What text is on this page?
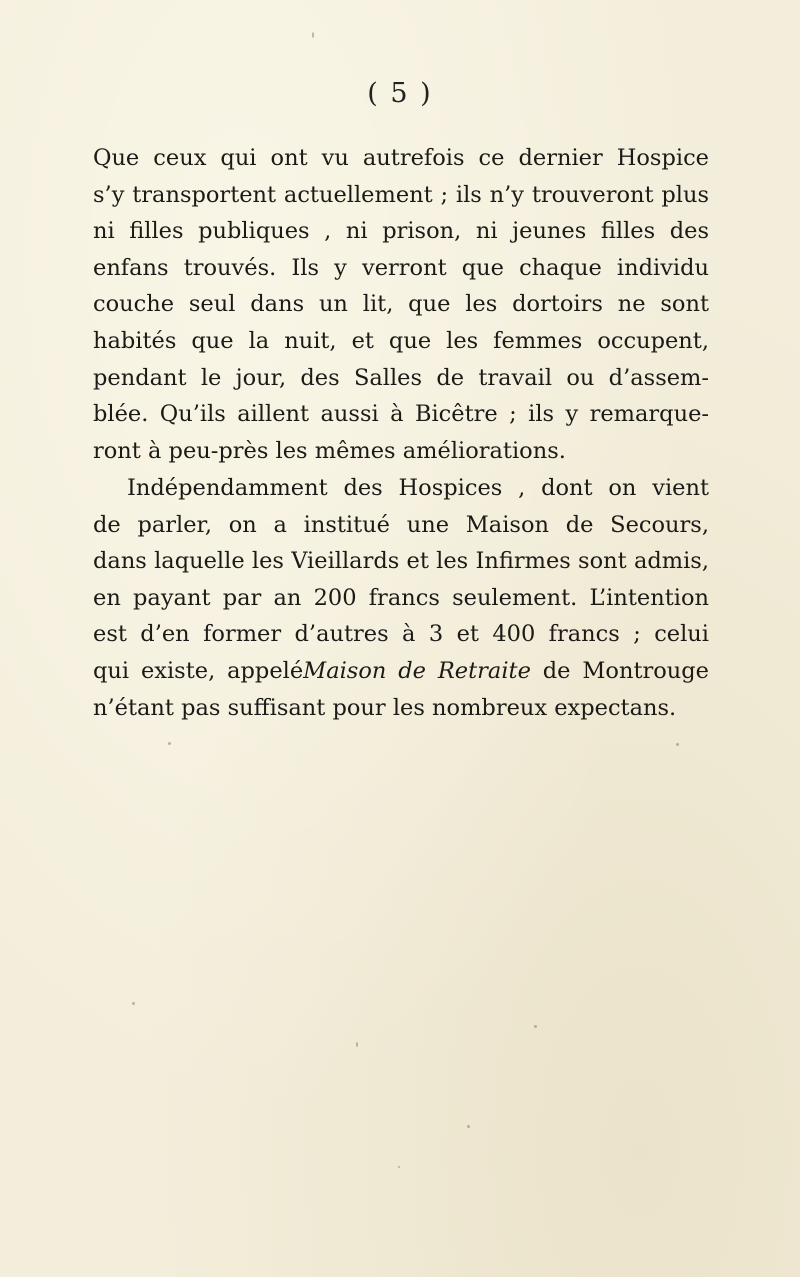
( 5 )
Que ceux qui ont vu autrefois ce dernier Hospice
s’y transportent actuellement ; ils n’y trouveront plus
ni filles publiques , ni prison, ni jeunes filles des
enfans trouvés. Ils y verront que chaque individu
couche seul dans un lit, que les dortoirs ne sont
habités que la nuit, et que les femmes occupent,
pendant le jour, des Salles de travail ou d’assem-
blée. Qu’ils aillent aussi à Bicêtre ; ils y remarque-
ront à peu-près les mêmes améliorations.
Indépendamment des Hospices , dont on vient
de parler, on a institué une Maison de Secours,
dans laquelle les Vieillards et les Infirmes sont admis,
en payant par an 200 francs seulement. L’intention
est d’en former d’autres à 3 et 400 francs ; celui
qui existe, appeléMaison de Retraite de Montrouge
n’étant pas suffisant pour les nombreux expectans.
